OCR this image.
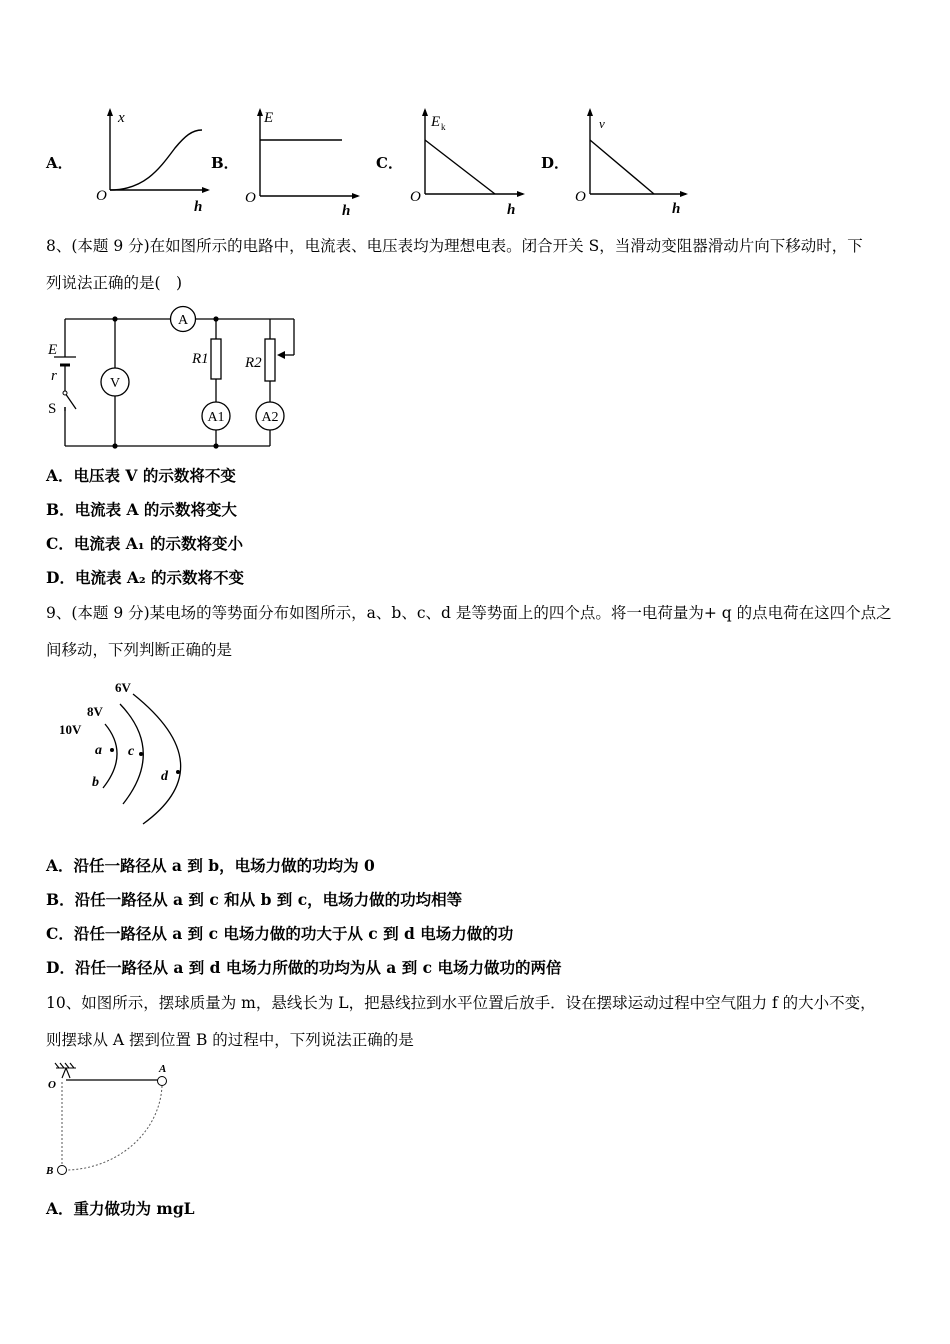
A．
x
O
h
B．
E
O
h
C．
E k
O
h
D．
v
O
h
8、(本题 9 分)在如图所示的电路中，电流表、电压表均为理想电表。闭合开关 S，当滑动变阻器滑动片向下移动时，下
列说法正确的是(　)
E
r
S
A
V
R1 R2
A1	A2
A．电压表 V 的示数将不变
B．电流表 A 的示数将变大
C．电流表 A₁ 的示数将变小
D．电流表 A₂ 的示数将不变
9、(本题 9 分)某电场的等势面分布如图所示，a、b、c、d 是等势面上的四个点。将一电荷量为+ q 的点电荷在这四个点之
间移动，下列判断正确的是
6V
8V
10V
a
b
c
d
A．沿任一路径从 a 到 b，电场力做的功均为 0
B．沿任一路径从 a 到 c 和从 b 到 c，电场力做的功均相等
C．沿任一路径从 a 到 c 电场力做的功大于从 c 到 d 电场力做的功
D．沿任一路径从 a 到 d 电场力所做的功均为从 a 到 c 电场力做功的两倍
10、如图所示，摆球质量为 m，悬线长为 L，把悬线拉到水平位置后放手．设在摆球运动过程中空气阻力 f 的大小不变，
则摆球从 A 摆到位置 B 的过程中，下列说法正确的是
O
A
B
A．重力做功为 mgL
